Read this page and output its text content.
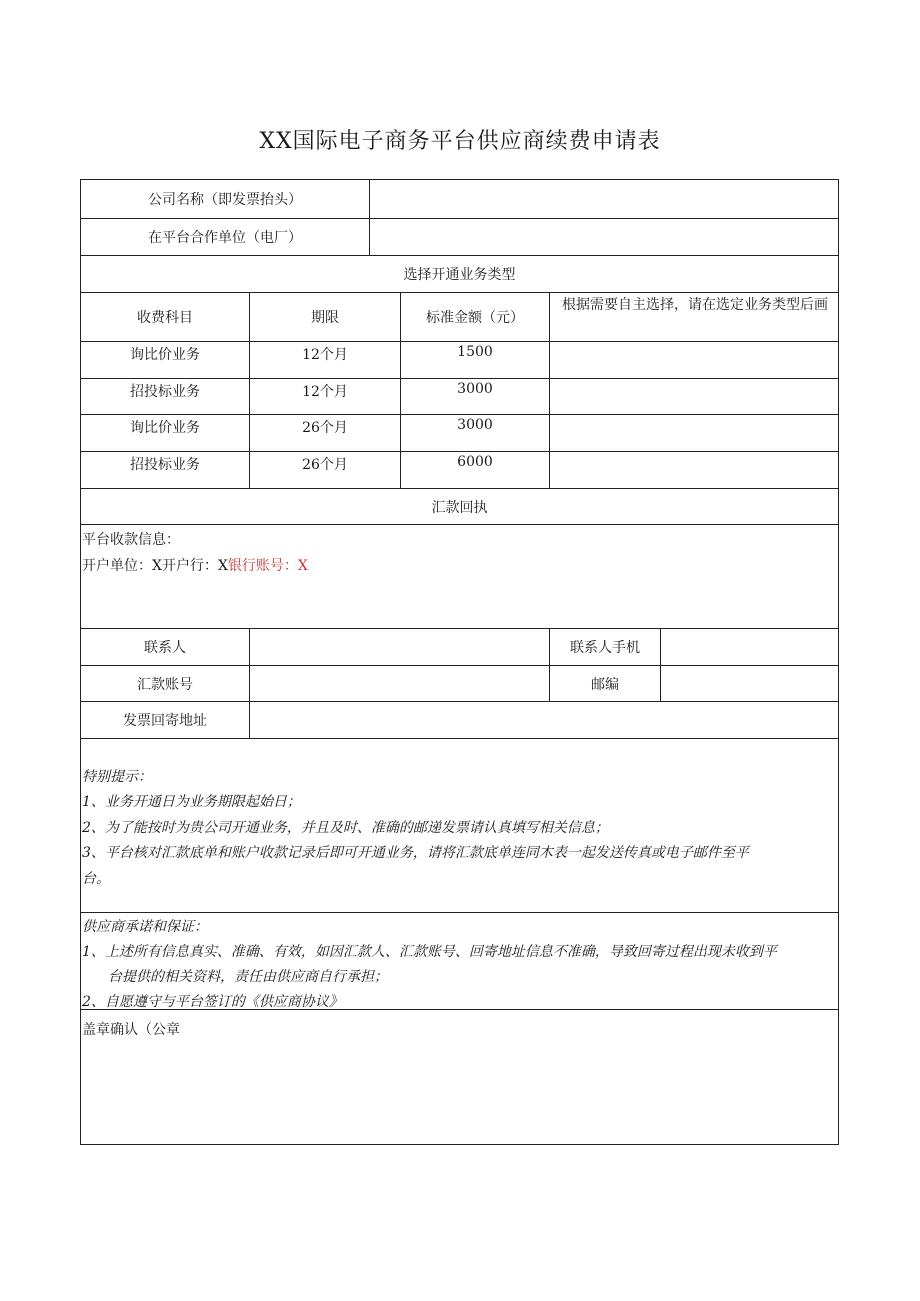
XX国际电子商务平台供应商续费申请表
公司名称（即发票抬头）
在平台合作单位（电厂）
选择开通业务类型
收费科目	期限	标准金额（元）
根据需要自主选择，请在选定业务类型后画
询比价业务	12个月	1500
招投标业务	12个月	3000
询比价业务	26个月	3000
招投标业务	26个月	6000
汇款回执
平台收款信息：
开户单位：X开户行：X银行账号：X
联系人	联系人手机
汇款账号	邮编
发票回寄地址
特别提示：
1、业务开通日为业务期限起始日；
2、为了能按时为贵公司开通业务，并且及时、准确的邮递发票请认真填写相关信息；
3、平台核对汇款底单和账户收款记录后即可开通业务，请将汇款底单连同木表一起发送传真或电子邮件至平
台。
供应商承诺和保证：
1、上述所有信息真实、准确、有效，如因汇款人、汇款账号、回寄地址信息不准确，导致回寄过程出现未收到平
台提供的相关资料，责任由供应商自行承担；
2、自愿遵守与平台签订的《供应商协议》
盖章确认（公章
